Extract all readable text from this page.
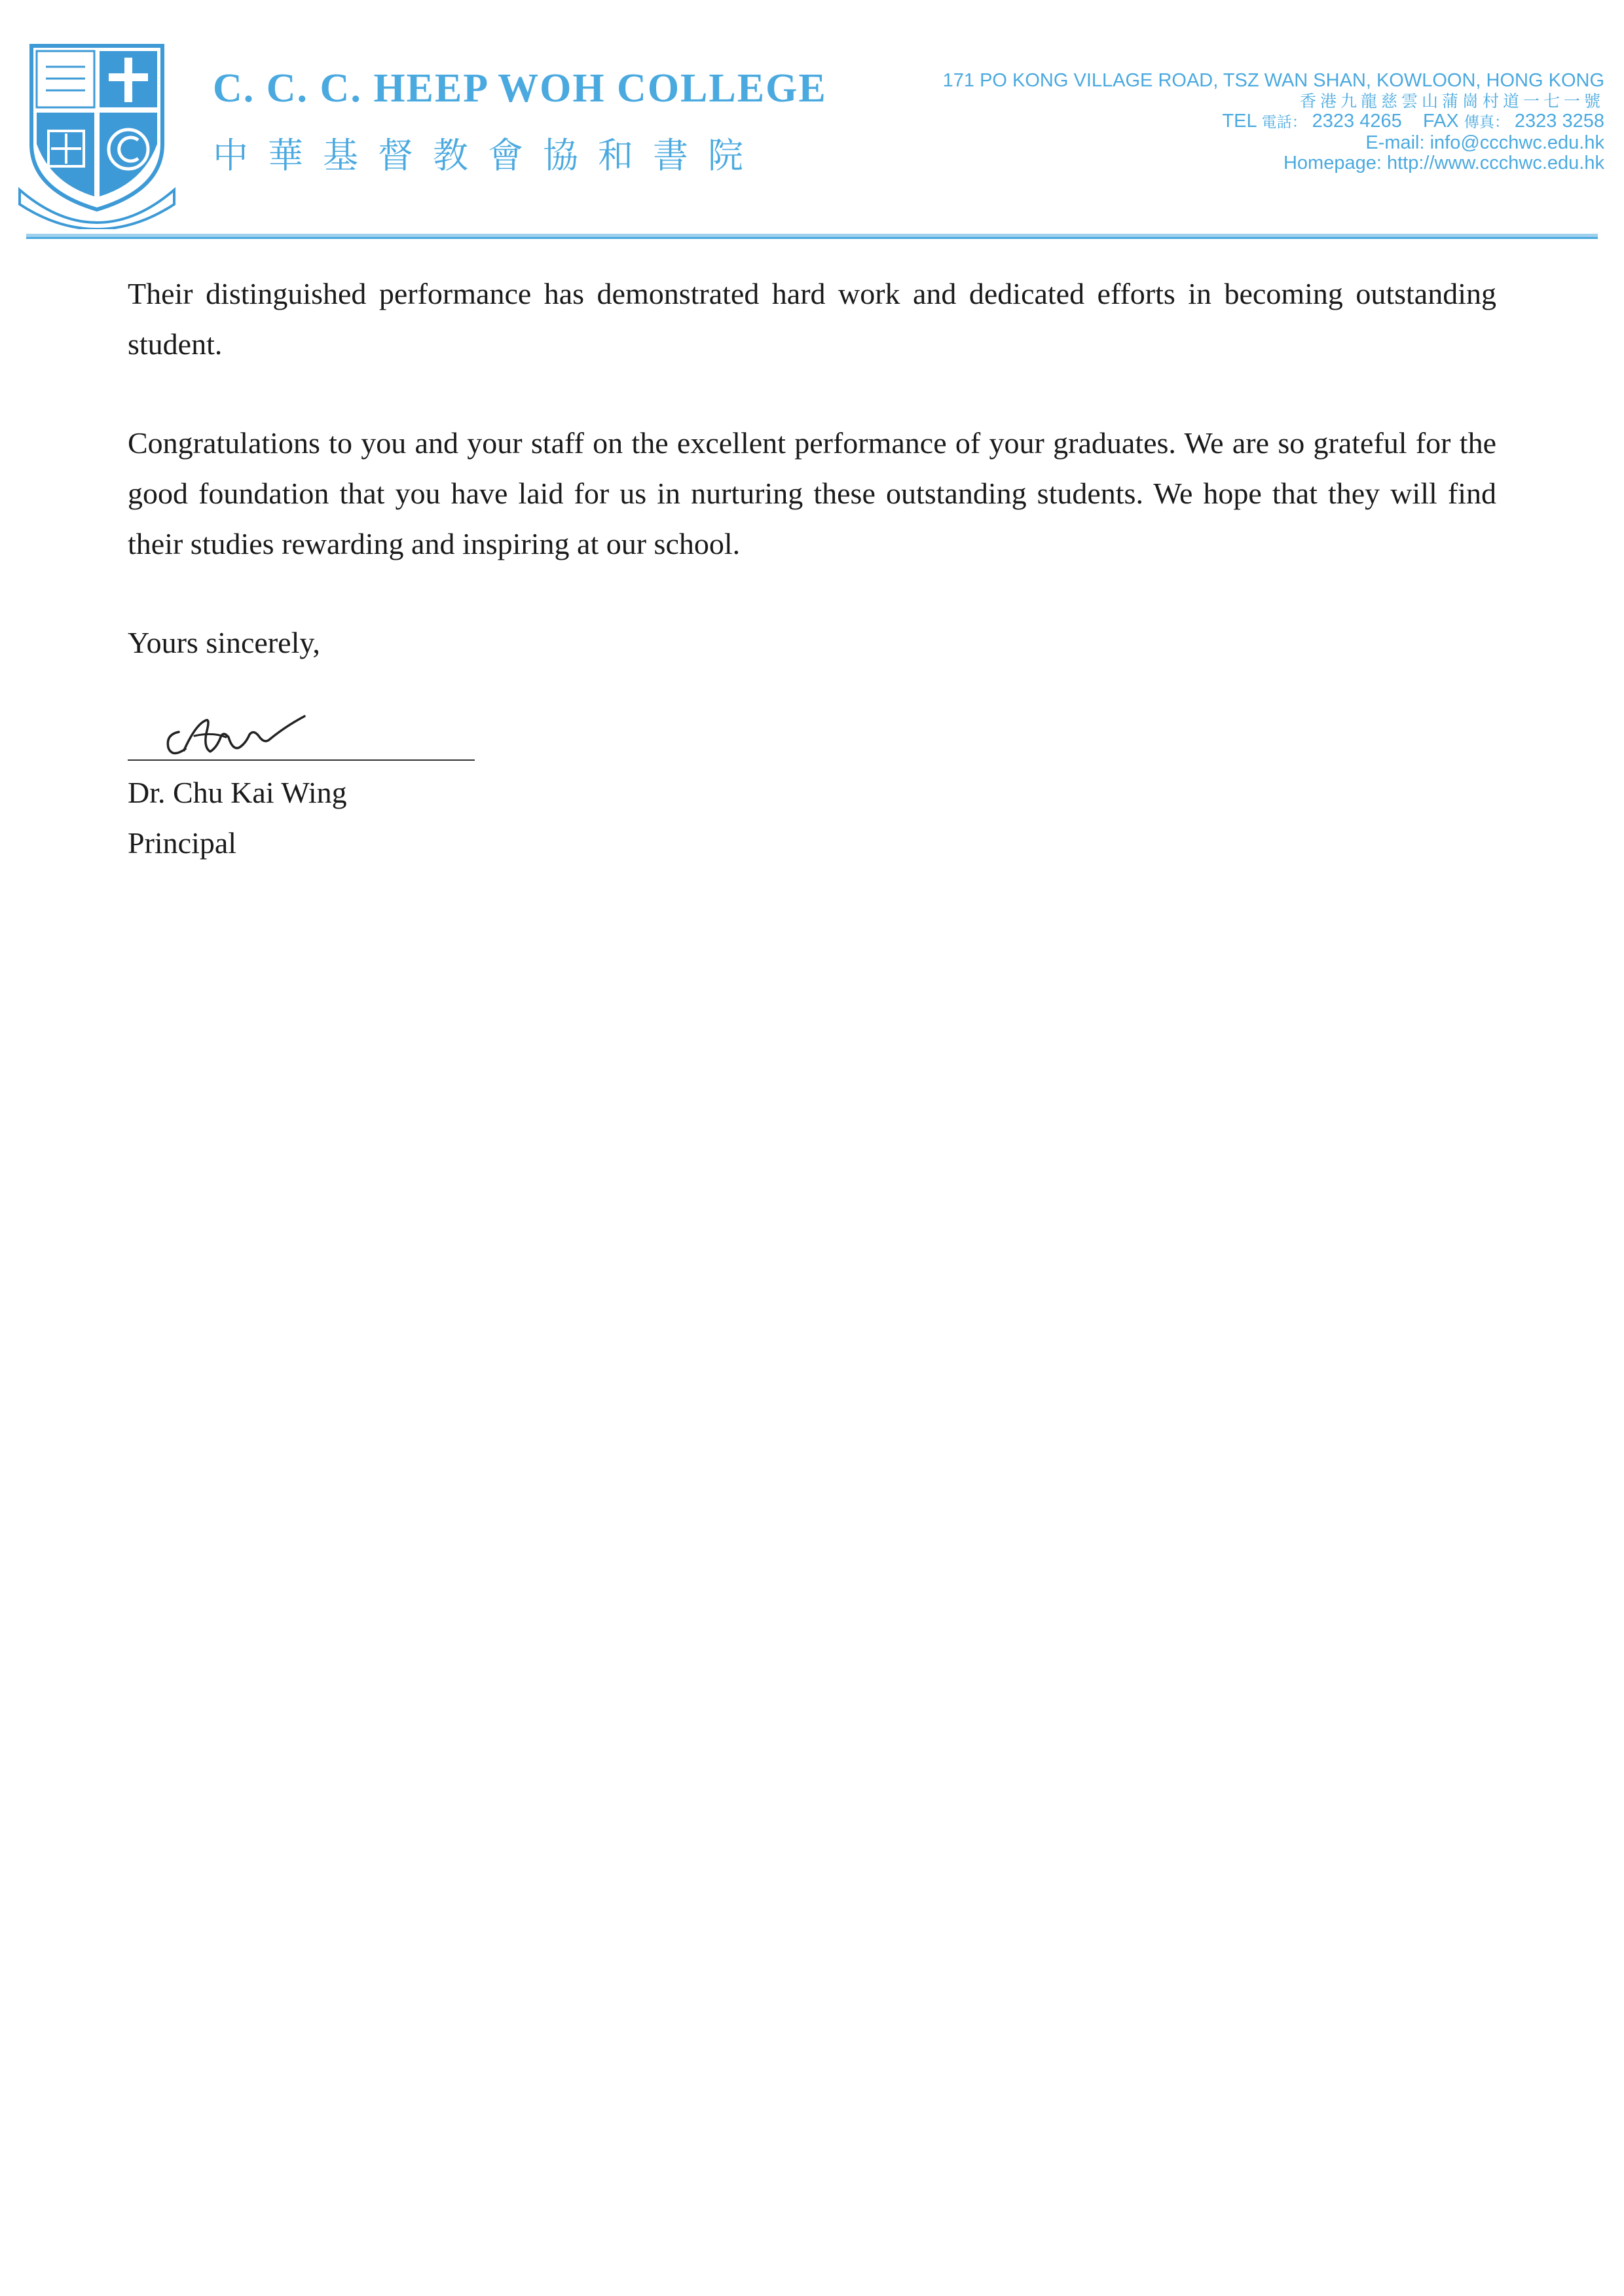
C. C. C. HEEP WOH COLLEGE
中華基督教會協和書院
171 PO KONG VILLAGE ROAD, TSZ WAN SHAN, KOWLOON, HONG KONG
香港九龍慈雲山蒲崗村道一七一號
TEL 電話： 2323 4265 FAX 傳真： 2323 3258
E-mail: info@ccchwc.edu.hk
Homepage: http://www.ccchwc.edu.hk

Their distinguished performance has demonstrated hard work and dedicated efforts in becoming outstanding student.

Congratulations to you and your staff on the excellent performance of your graduates. We are so grateful for the good foundation that you have laid for us in nurturing these outstanding students. We hope that they will find their studies rewarding and inspiring at our school.

Yours sincerely,

Dr. Chu Kai Wing
Principal
